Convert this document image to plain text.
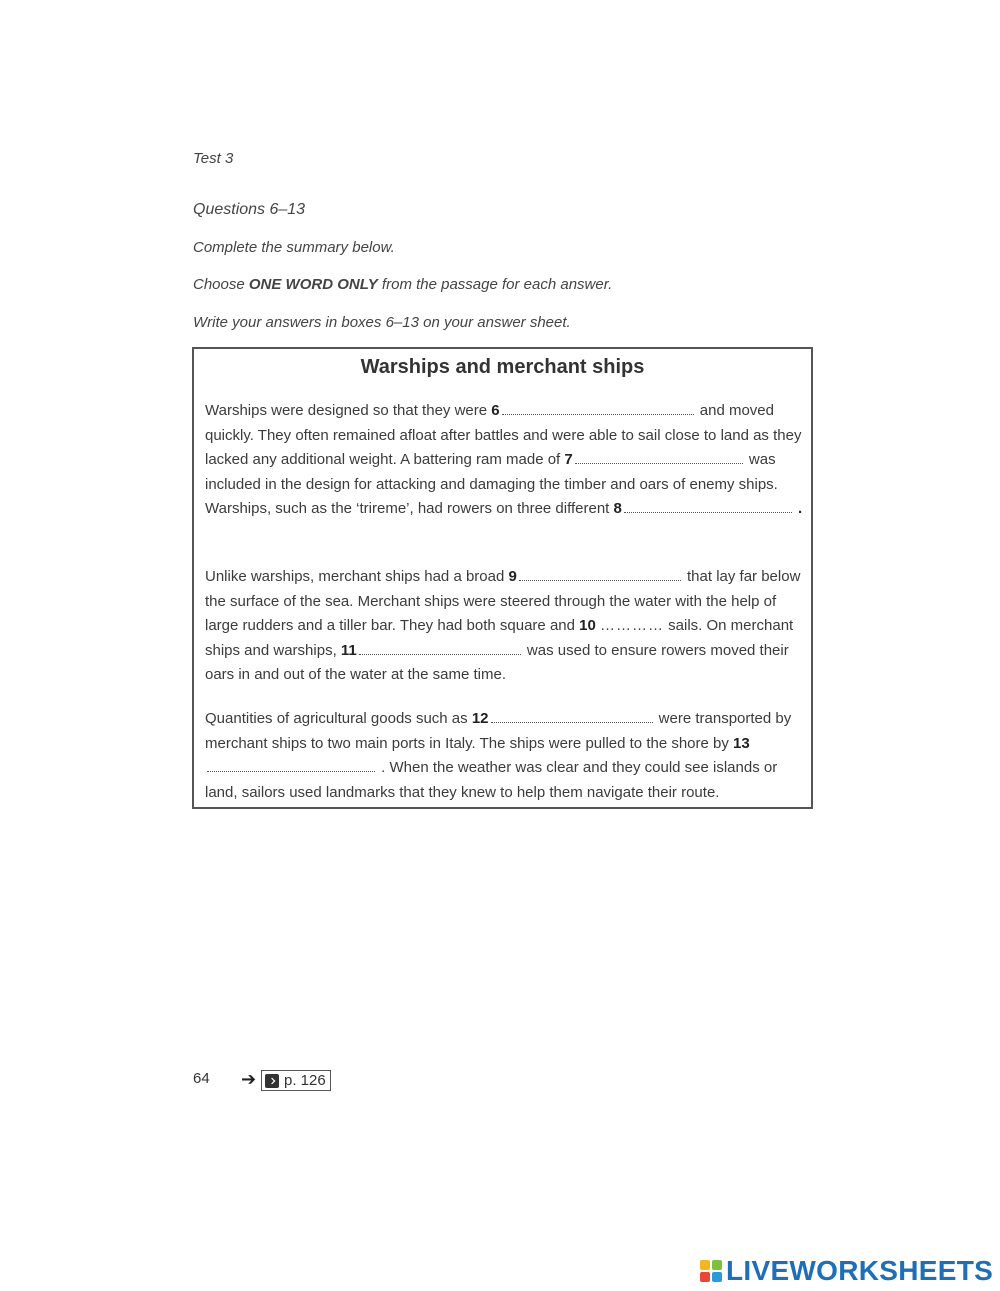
Test 3
Questions 6–13
Complete the summary below.
Choose ONE WORD ONLY from the passage for each answer.
Write your answers in boxes 6–13 on your answer sheet.
Warships and merchant ships
Warships were designed so that they were 6	and moved quickly. They often remained afloat after battles and were able to sail close to land as they lacked any additional weight. A battering ram made of 7	was included in the design for attacking and damaging the timber and oars of enemy ships. Warships, such as the ‘trireme’, had rowers on three different 8	.
Unlike warships, merchant ships had a broad 9	that lay far below the surface of the sea. Merchant ships were steered through the water with the help of large rudders and a tiller bar. They had both square and 10 ………… sails. On merchant ships and warships, 11	was used to ensure rowers moved their oars in and out of the water at the same time.
Quantities of agricultural goods such as 12	were transported by merchant ships to two main ports in Italy. The ships were pulled to the shore by 13 . When the weather was clear and they could see islands or land, sailors used landmarks that they knew to help them navigate their route.
64 ➔ p. 126
LIVEWORKSHEETS
